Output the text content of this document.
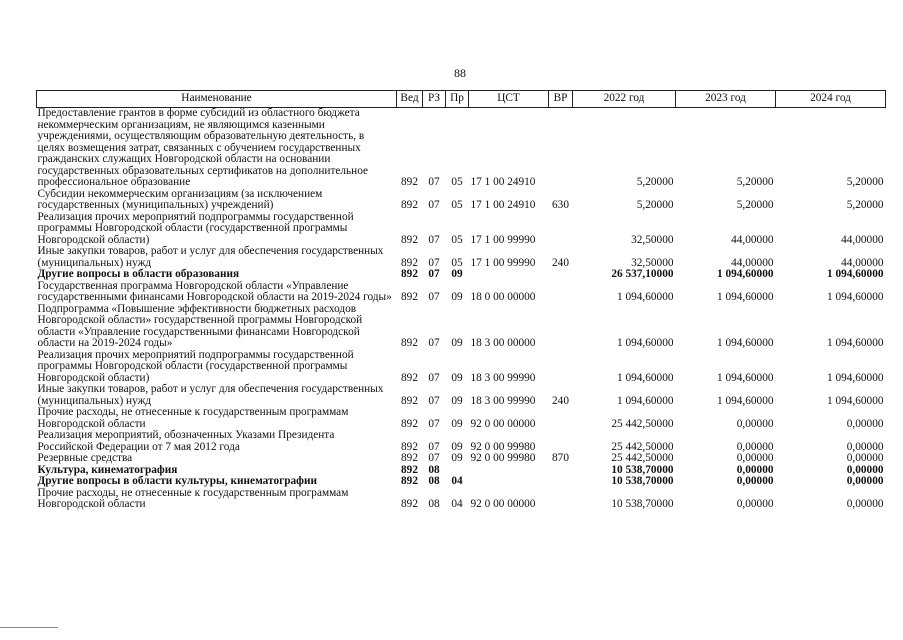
88
Наименование	Вед	РЗ	Пр	ЦСТ	ВР	2022 год	2023 год	2024 год
Предоставление грантов в форме субсидий из областного бюджета некоммерческим организациям, не являющимся казенными учреждениями, осуществляющим образовательную деятельность, в целях возмещения затрат, связанных с обучением государственных гражданских служащих Новгородской области на основании государственных образовательных сертификатов на дополнительное профессиональное образование	892	07	05	17 1 00 24910		5,20000	5,20000	5,20000
Субсидии некоммерческим организациям (за исключением государственных (муниципальных) учреждений)	892	07	05	17 1 00 24910	630	5,20000	5,20000	5,20000
Реализация прочих мероприятий подпрограммы государственной программы Новгородской области (государственной программы Новгородской области)	892	07	05	17 1 00 99990		32,50000	44,00000	44,00000
Иные закупки товаров, работ и услуг для обеспечения государственных (муниципальных) нужд	892	07	05	17 1 00 99990	240	32,50000	44,00000	44,00000
Другие вопросы в области образования	892	07	09			26 537,10000	1 094,60000	1 094,60000
Государственная программа Новгородской области «Управление государственными финансами Новгородской области на 2019-2024 годы»	892	07	09	18 0 00 00000		1 094,60000	1 094,60000	1 094,60000
Подпрограмма «Повышение эффективности бюджетных расходов Новгородской области» государственной программы Новгородской области «Управление государственными финансами Новгородской области на 2019-2024 годы»	892	07	09	18 3 00 00000		1 094,60000	1 094,60000	1 094,60000
Реализация прочих мероприятий подпрограммы государственной программы Новгородской области (государственной программы Новгородской области)	892	07	09	18 3 00 99990		1 094,60000	1 094,60000	1 094,60000
Иные закупки товаров, работ и услуг для обеспечения государственных (муниципальных) нужд	892	07	09	18 3 00 99990	240	1 094,60000	1 094,60000	1 094,60000
Прочие расходы, не отнесенные к государственным программам Новгородской области	892	07	09	92 0 00 00000		25 442,50000	0,00000	0,00000
Реализация мероприятий, обозначенных Указами Президента Российской Федерации от 7 мая 2012 года	892	07	09	92 0 00 99980		25 442,50000	0,00000	0,00000
Резервные средства	892	07	09	92 0 00 99980	870	25 442,50000	0,00000	0,00000
Культура, кинематография	892	08				10 538,70000	0,00000	0,00000
Другие вопросы в области культуры, кинематографии	892	08	04			10 538,70000	0,00000	0,00000
Прочие расходы, не отнесенные к государственным программам Новгородской области	892	08	04	92 0 00 00000		10 538,70000	0,00000	0,00000
